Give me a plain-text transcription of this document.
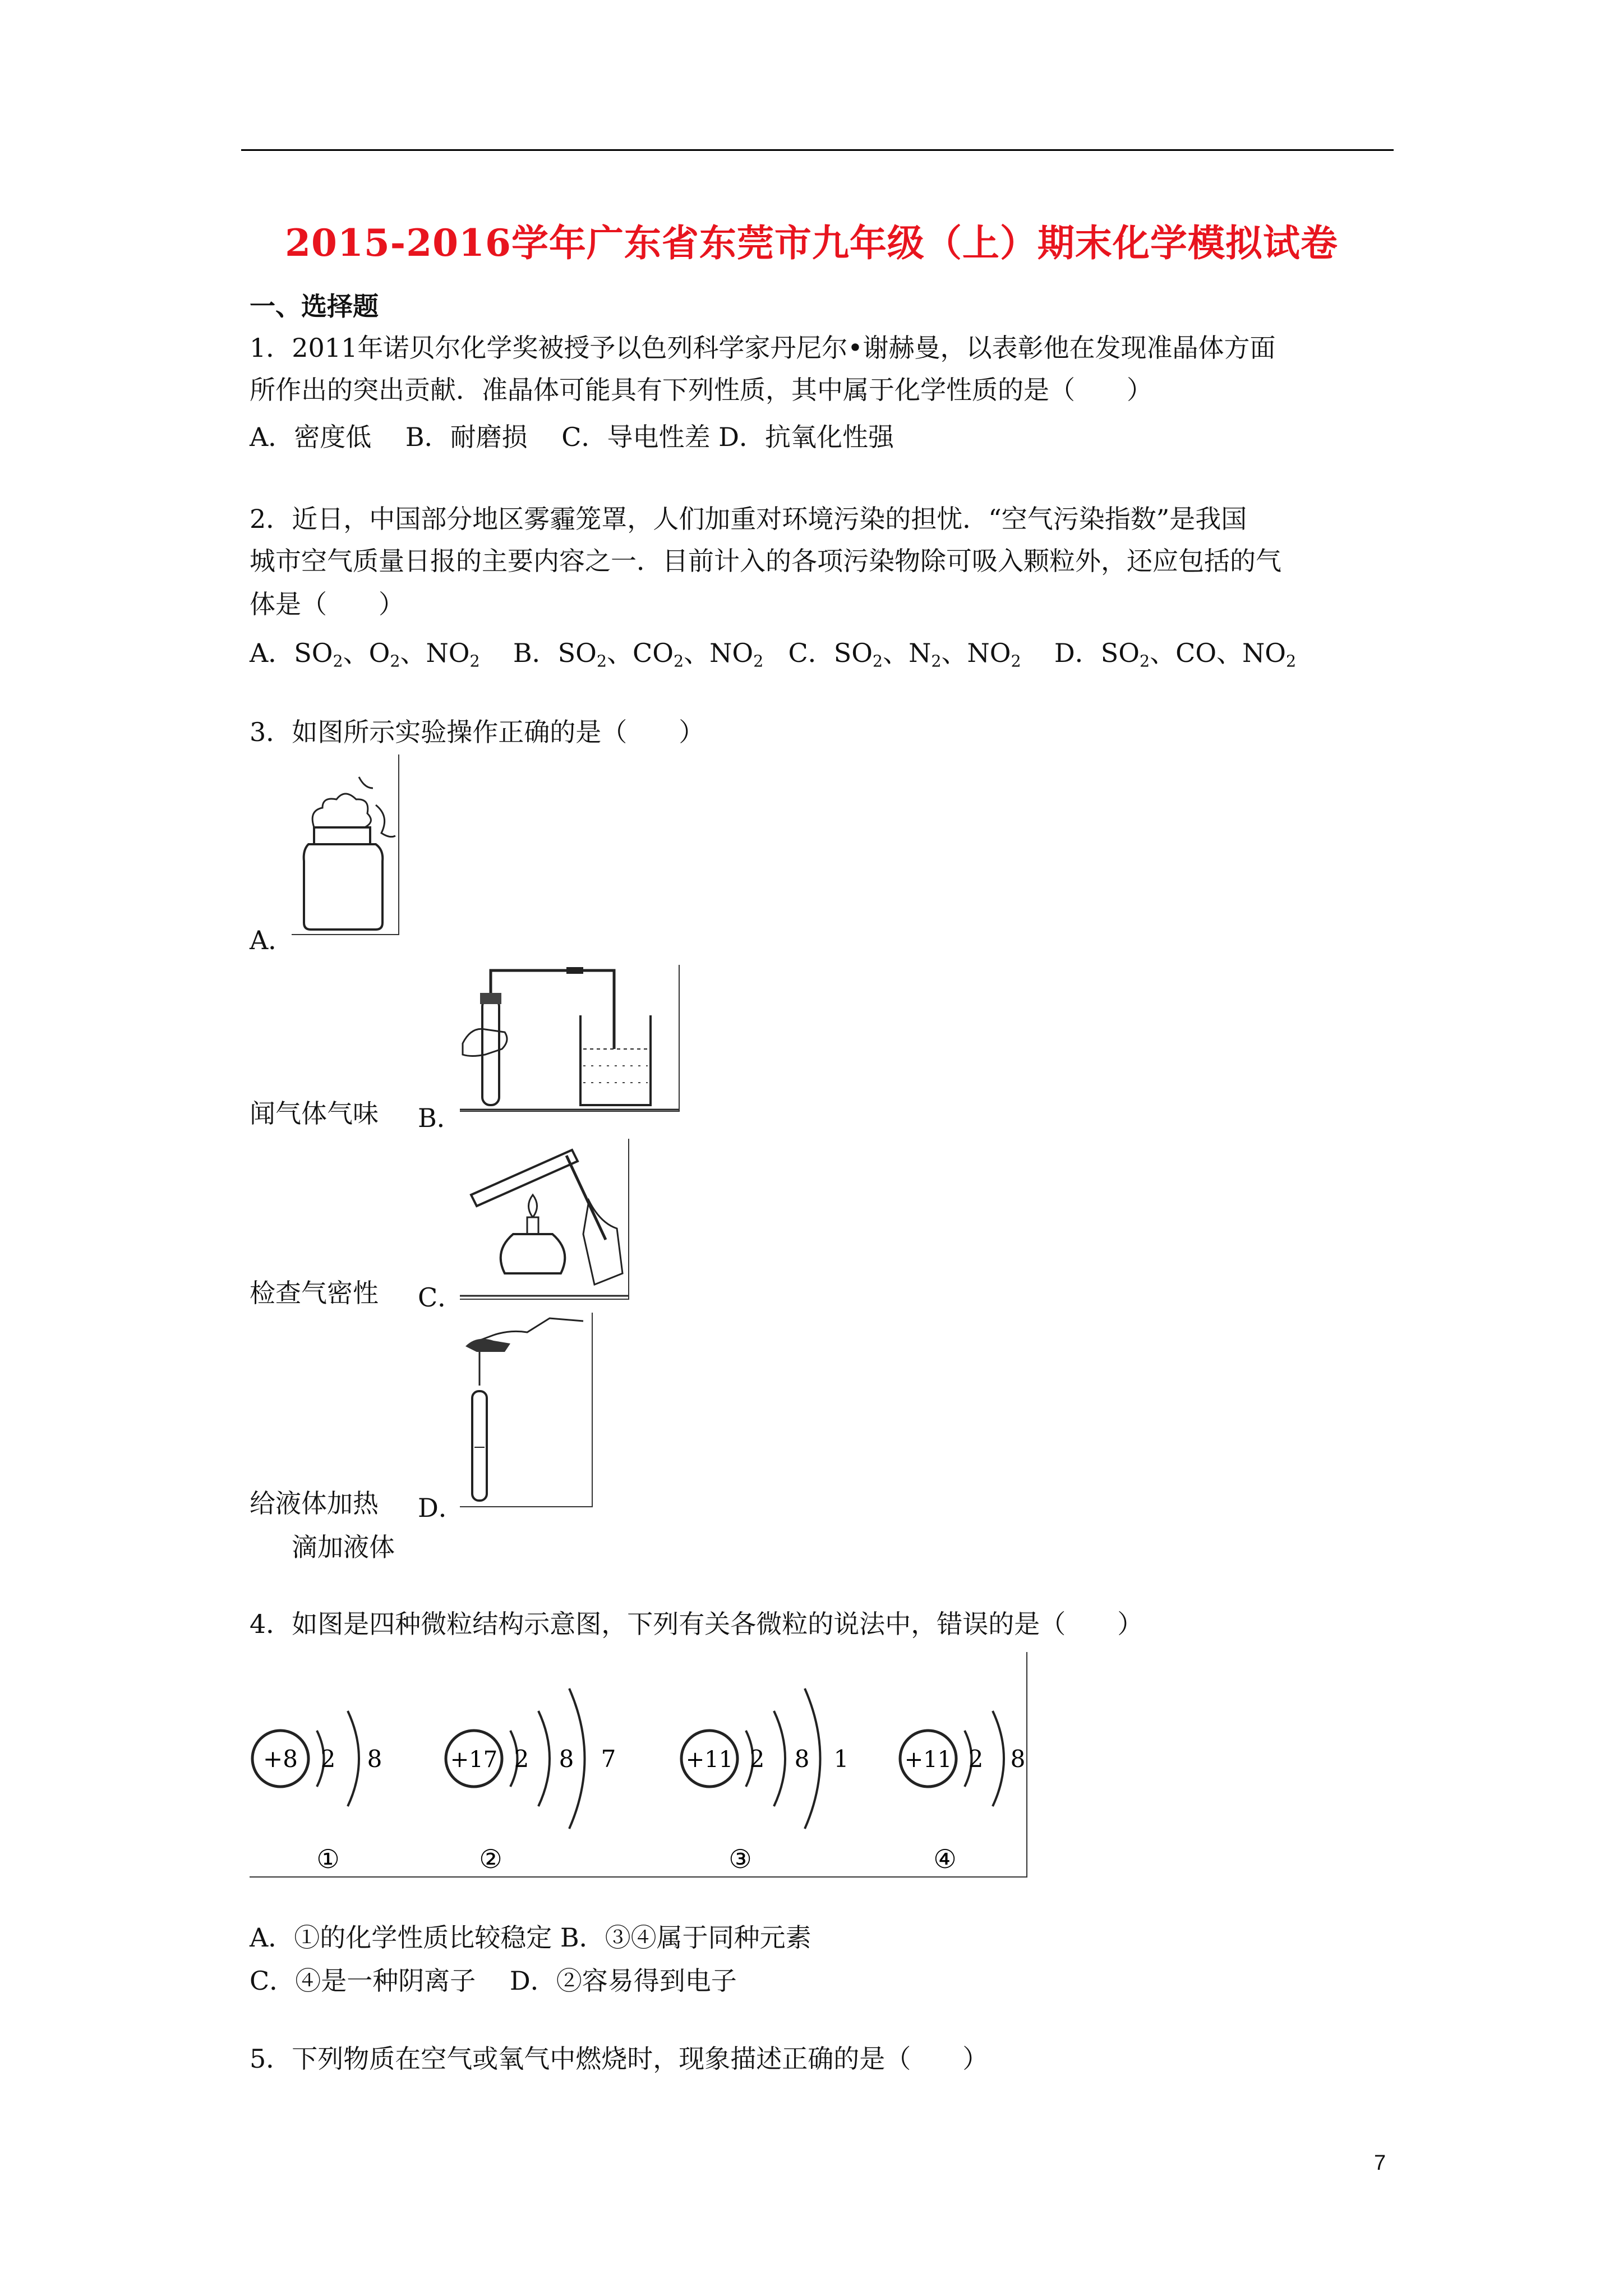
2015-2016学年广东省东莞市九年级（上）期末化学模拟试卷
一、选择题
1．2011年诺贝尔化学奖被授予以色列科学家丹尼尔•谢赫曼，以表彰他在发现准晶体方面
所作出的突出贡献．准晶体可能具有下列性质，其中属于化学性质的是（　　）
A．密度低　 B．耐磨损　 C．导电性差 D．抗氧化性强
2．近日，中国部分地区雾霾笼罩，人们加重对环境污染的担忧．“空气污染指数”是我国
城市空气质量日报的主要内容之一．目前计入的各项污染物除可吸入颗粒外，还应包括的气
体是（　　）
A．$SO_2$、$O_2$、$NO_2$ B．$SO_2$、$CO_2$、$NO_2$ C．$SO_2$、$N_2$、$NO_2$ D．$SO_2$、CO、$NO_2$
3．如图所示实验操作正确的是（　　）
A．
闻气体气味 B．
检查气密性 C．
给液体加热 D．
滴加液体
4．如图是四种微粒结构示意图，下列有关各微粒的说法中，错误的是（　　）
+8 2 8
①
+17 2 8 7
②
+11 2 8 1
③
+11 2 8
④
A．①的化学性质比较稳定 B．③④属于同种元素
C．④是一种阴离子　 D．②容易得到电子
5．下列物质在空气或氧气中燃烧时，现象描述正确的是（　　）
7
